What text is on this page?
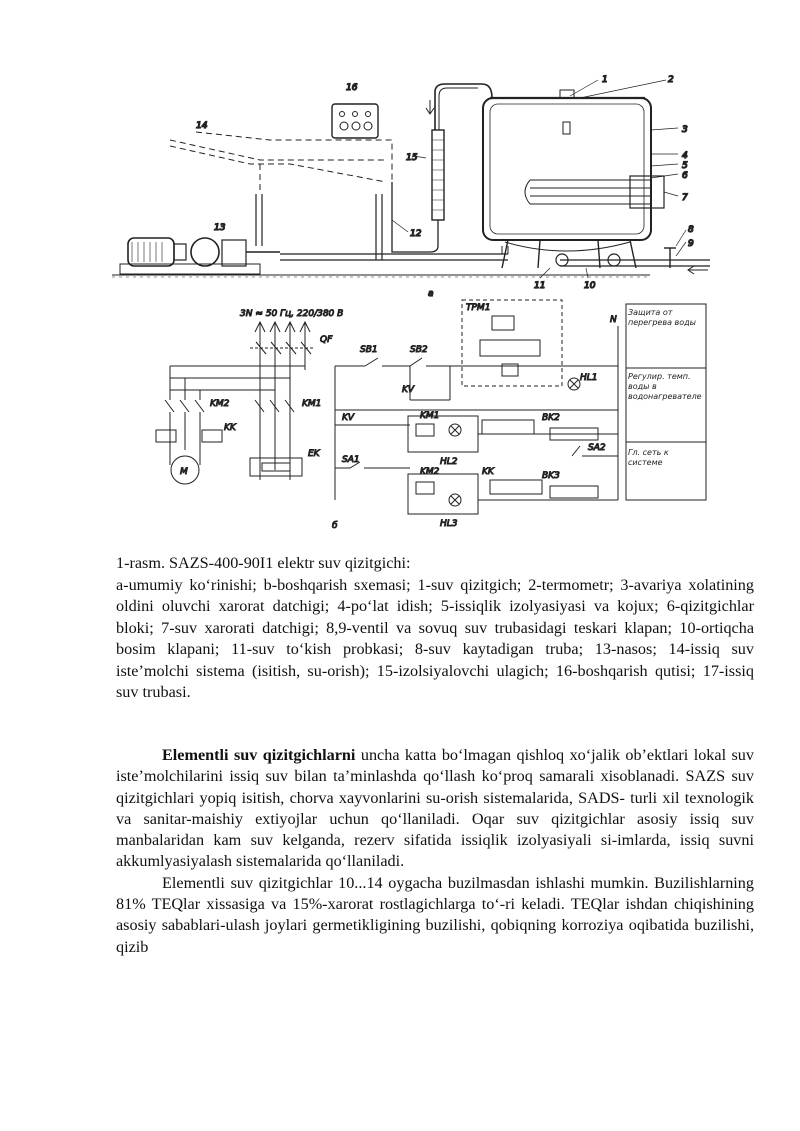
1	2
3
4
5
6
7
8
9
10
11
12
13
14
15
16
a
3N ≈ 50 Гц, 220/380 В
QF
KM2	KM1
KK
M
EK
SB1	SB2
KV
ТРМ1
N
HL1
KV	KM1
HL2
BK2
SA1
KM2	KK
HL3
BK3
SA2
б
Защита от перегрева воды
Регулир. темп. воды в водонагревателе
Гл. сеть к системе

1-rasm. SAZS-400-90I1 elektr suv qizitgichi:

a-umumiy ko‘rinishi; b-boshqarish sxemasi; 1-suv qizitgich; 2-termometr; 3-avariya xolatining oldini oluvchi xarorat datchigi; 4-po‘lat idish; 5-issiqlik izolyasiyasi va kojux; 6-qizitgichlar bloki; 7-suv xarorati datchigi; 8,9-ventil va sovuq suv trubasidagi teskari klapan; 10-ortiqcha bosim klapani; 11-suv to‘kish probkasi; 8-suv kaytadigan truba; 13-nasos; 14-issiq suv iste’molchi sistema (isitish, su-orish); 15-izolsiyalovchi ulagich; 16-boshqarish qutisi; 17-issiq suv trubasi.

Elementli suv qizitgichlarni uncha katta bo‘lmagan qishloq xo‘jalik ob’ektlari lokal suv iste’molchilarini issiq suv bilan ta’minlashda qo‘llash ko‘proq samarali xisoblanadi. SAZS suv qizitgichlari yopiq isitish, chorva xayvonlarini su-orish sistemalarida, SADS- turli xil texnologik va sanitar-maishiy extiyojlar uchun qo‘llaniladi. Oqar suv qizitgichlar asosiy issiq suv manbalaridan kam suv kelganda, rezerv sifatida issiqlik izolyasiyali si-imlarda, issiq suvni akkumlyasiyalash sistemalarida qo‘llaniladi.

Elementli suv qizitgichlar 10...14 oygacha buzilmasdan ishlashi mumkin. Buzilishlarning 81% TEQlar xissasiga va 15%-xarorat rostlagichlarga to‘-ri keladi. TEQlar ishdan chiqishining asosiy sabablari-ulash joylari germetikligining buzilishi, qobiqning korroziya oqibatida buzilishi, qizib
